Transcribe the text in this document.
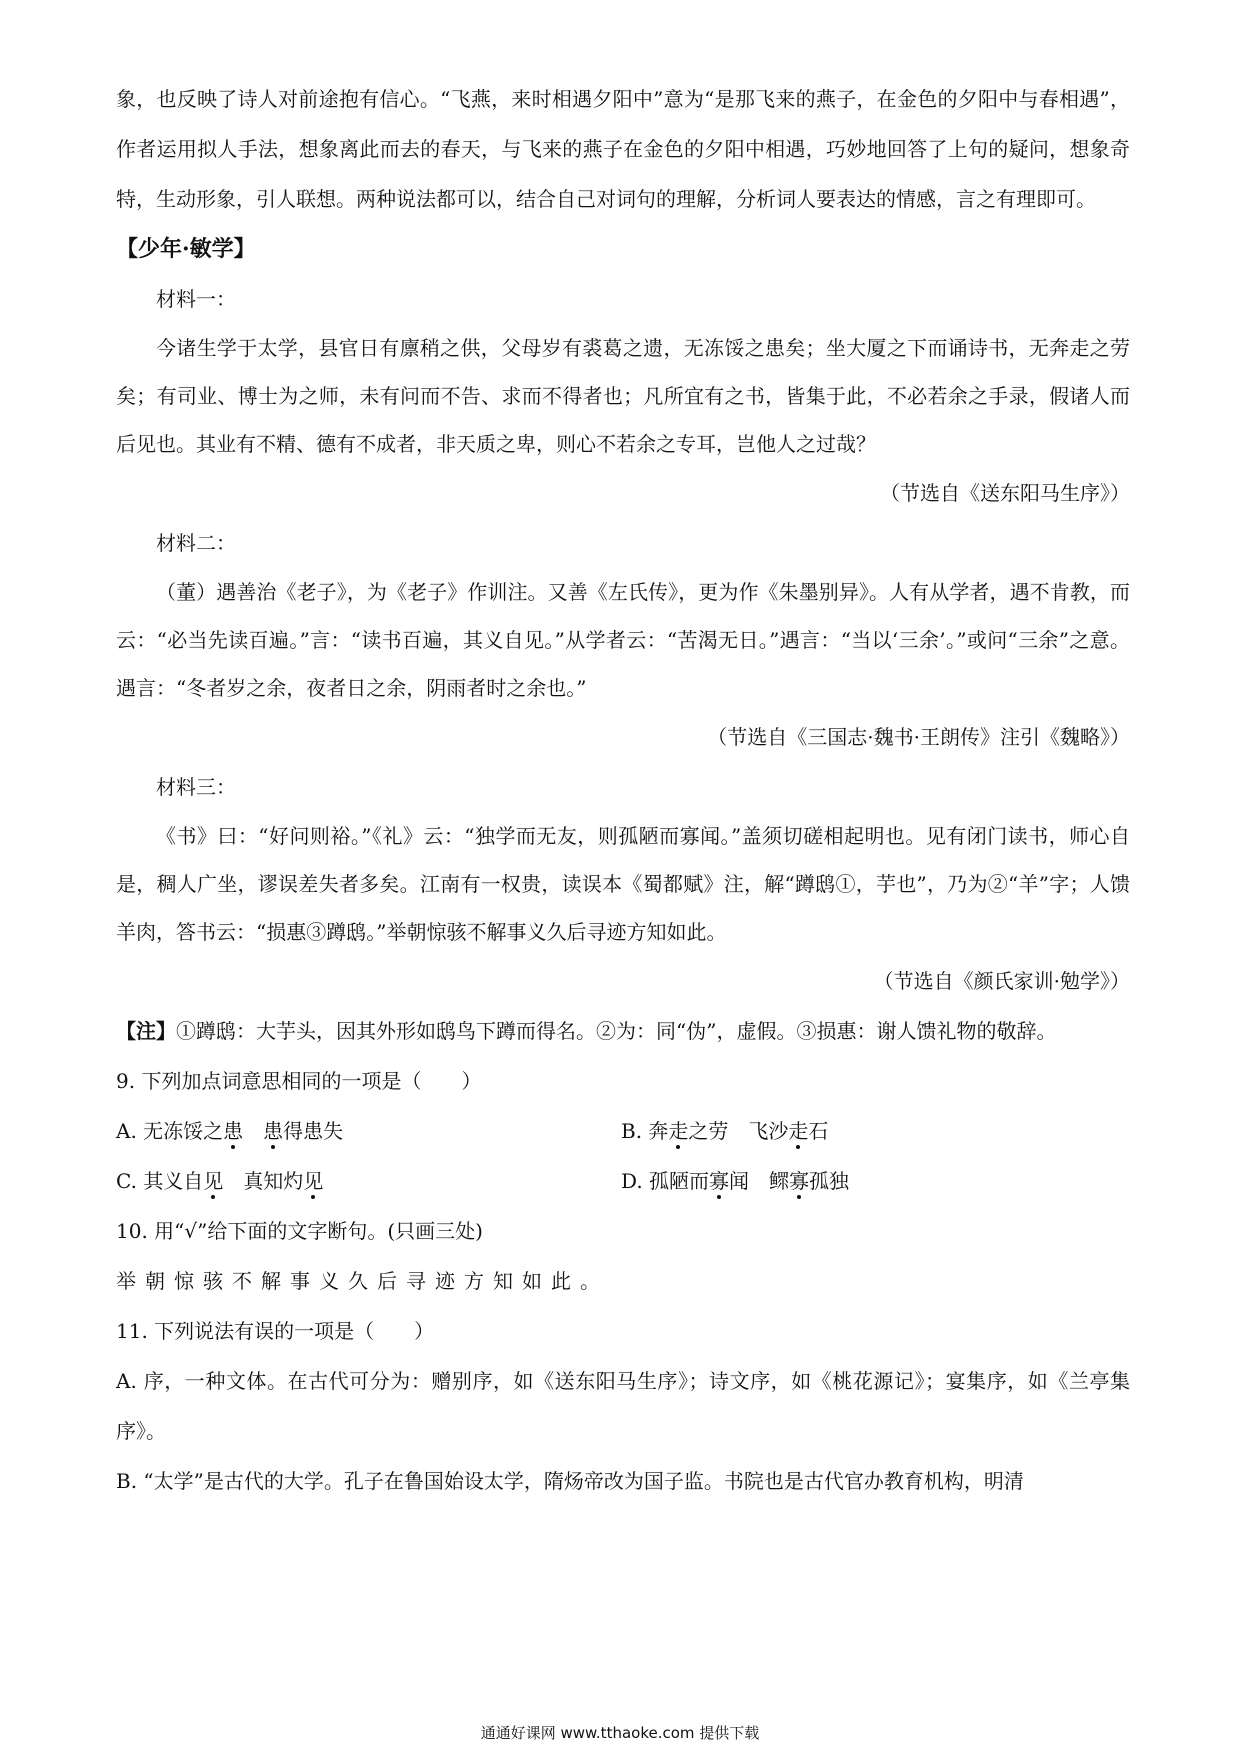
象，也反映了诗人对前途抱有信心。“飞燕，来时相遇夕阳中”意为“是那飞来的燕子，在金色的夕阳中与春相遇”，作者运用拟人手法，想象离此而去的春天，与飞来的燕子在金色的夕阳中相遇，巧妙地回答了上句的疑问，想象奇特，生动形象，引人联想。两种说法都可以，结合自己对词句的理解，分析词人要表达的情感，言之有理即可。

【少年·敏学】

材料一：

今诸生学于太学，县官日有廪稍之供，父母岁有裘葛之遗，无冻馁之患矣；坐大厦之下而诵诗书，无奔走之劳矣；有司业、博士为之师，未有问而不告、求而不得者也；凡所宜有之书，皆集于此，不必若余之手录，假诸人而后见也。其业有不精、德有不成者，非天质之卑，则心不若余之专耳，岂他人之过哉？

（节选自《送东阳马生序》）

材料二：

（董）遇善治《老子》，为《老子》作训注。又善《左氏传》，更为作《朱墨别异》。人有从学者，遇不肯教，而云：“必当先读百遍。”言：“读书百遍，其义自见。”从学者云：“苦渴无日。”遇言：“当以‘三余’。”或问“三余”之意。遇言：“冬者岁之余，夜者日之余，阴雨者时之余也。”

（节选自《三国志·魏书·王朗传》注引《魏略》）

材料三：

《书》曰：“好问则裕。”《礼》云：“独学而无友，则孤陋而寡闻。”盖须切磋相起明也。见有闭门读书，师心自是，稠人广坐，谬误差失者多矣。江南有一权贵，读误本《蜀都赋》注，解“蹲鸱①，芋也”，乃为②“羊”字；人馈羊肉，答书云：“损惠③蹲鸱。”举朝惊骇不解事义久后寻迹方知如此。

（节选自《颜氏家训·勉学》）

【注】①蹲鸱：大芋头，因其外形如鸱鸟下蹲而得名。②为：同“伪”，虚假。③损惠：谢人馈礼物的敬辞。

9. 下列加点词意思相同的一项是（　　）

A. 无冻馁之患　 患得患失	B. 奔走之劳　 飞沙走石
C. 其义自见　 真知灼见	D. 孤陋而寡闻　 鳏寡孤独

10. 用“√”给下面的文字断句。(只画三处)

举朝惊骇不解事义久后寻迹方知如此。

11. 下列说法有误的一项是（　　）

A. 序，一种文体。在古代可分为：赠别序，如《送东阳马生序》；诗文序，如《桃花源记》；宴集序，如《兰亭集序》。

B. “太学”是古代的大学。孔子在鲁国始设太学，隋炀帝改为国子监。书院也是古代官办教育机构，明清

通通好课网 www.tthaoke.com 提供下载
